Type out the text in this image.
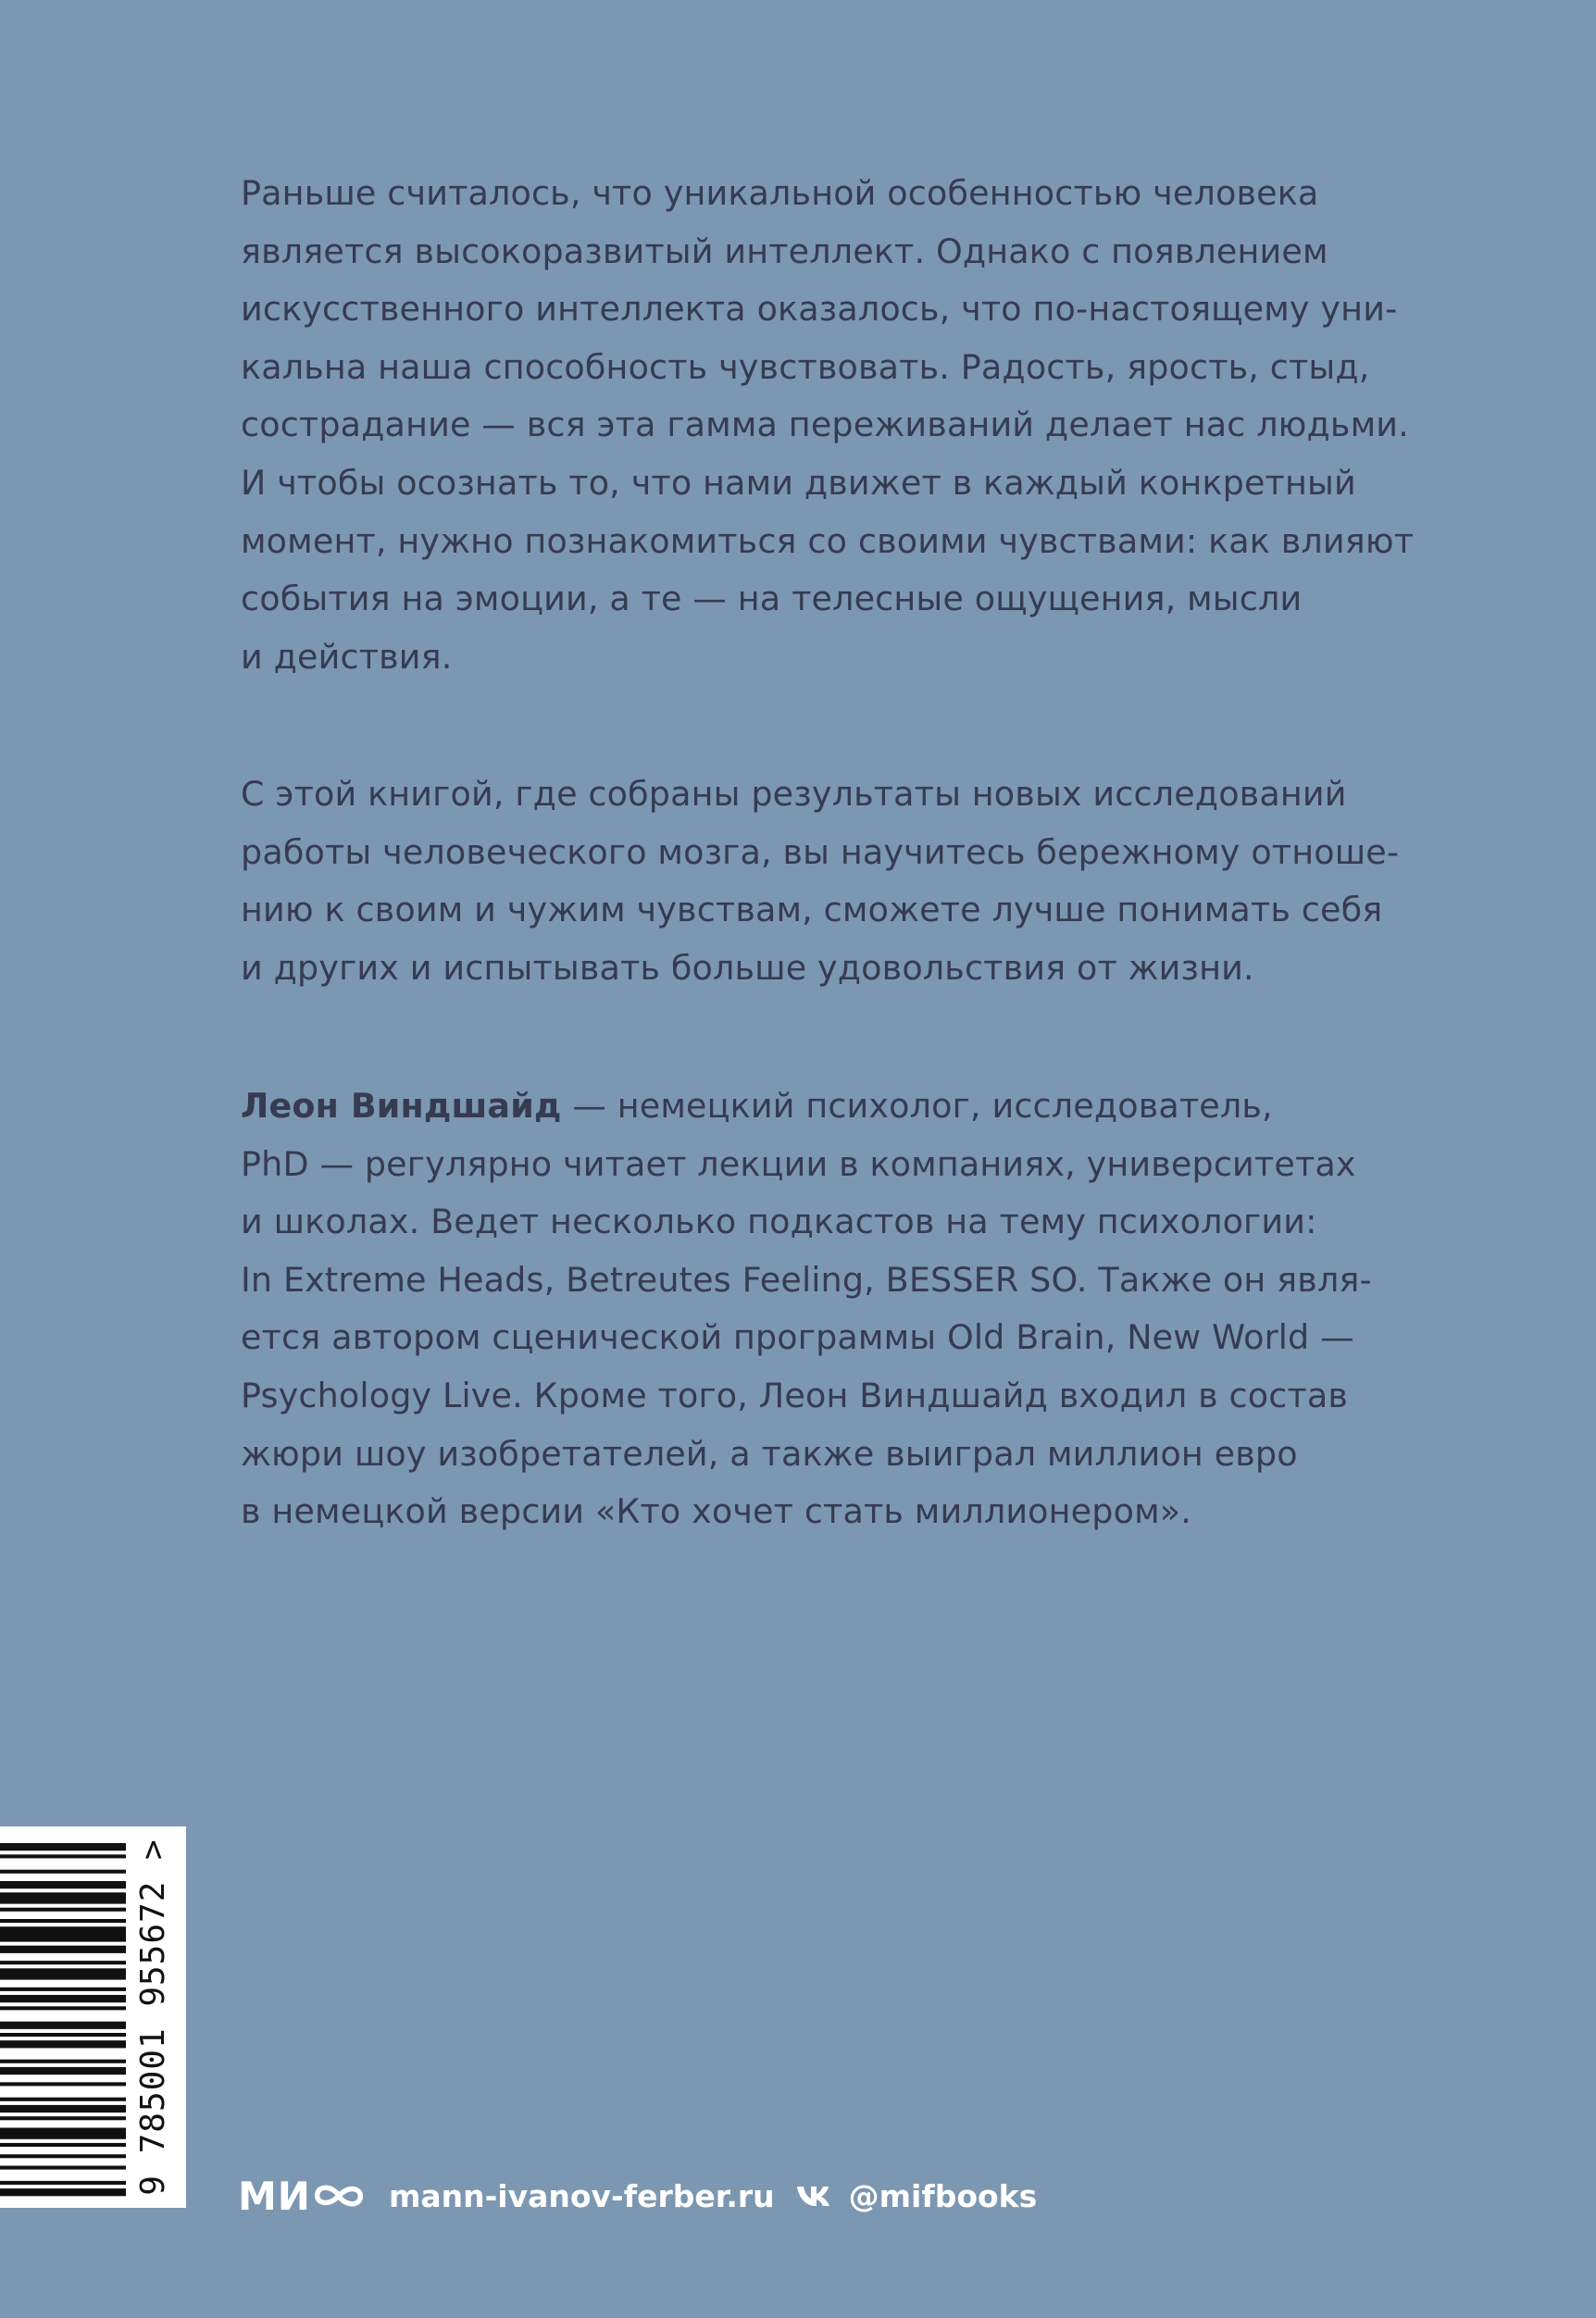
Раньше считалось, что уникальной особенностью человека
является высокоразвитый интеллект. Однако с появлением
искусственного интеллекта оказалось, что по-настоящему уни-
кальна наша способность чувствовать. Радость, ярость, стыд,
сострадание — вся эта гамма переживаний делает нас людьми.
И чтобы осознать то, что нами движет в каждый конкретный
момент, нужно познакомиться со своими чувствами: как влияют
события на эмоции, а те — на телесные ощущения, мысли
и действия.
С этой книгой, где собраны результаты новых исследований
работы человеческого мозга, вы научитесь бережному отноше-
нию к своим и чужим чувствам, сможете лучше понимать себя
и других и испытывать больше удовольствия от жизни.
Леон Виндшайд — немецкий психолог, исследователь,
PhD — регулярно читает лекции в компаниях, университетах
и школах. Ведет несколько подкастов на тему психологии:
In Extreme Heads, Betreutes Feeling, BESSER SO. Также он явля-
ется автором сценической программы Old Brain, New World —
Psychology Live. Кроме того, Леон Виндшайд входил в состав
жюри шоу изобретателей, а также выиграл миллион евро
в немецкой версии «Кто хочет стать миллионером».
9 785001 955672 >
МИ	mann-ivanov-ferber.ru @mifbooks
